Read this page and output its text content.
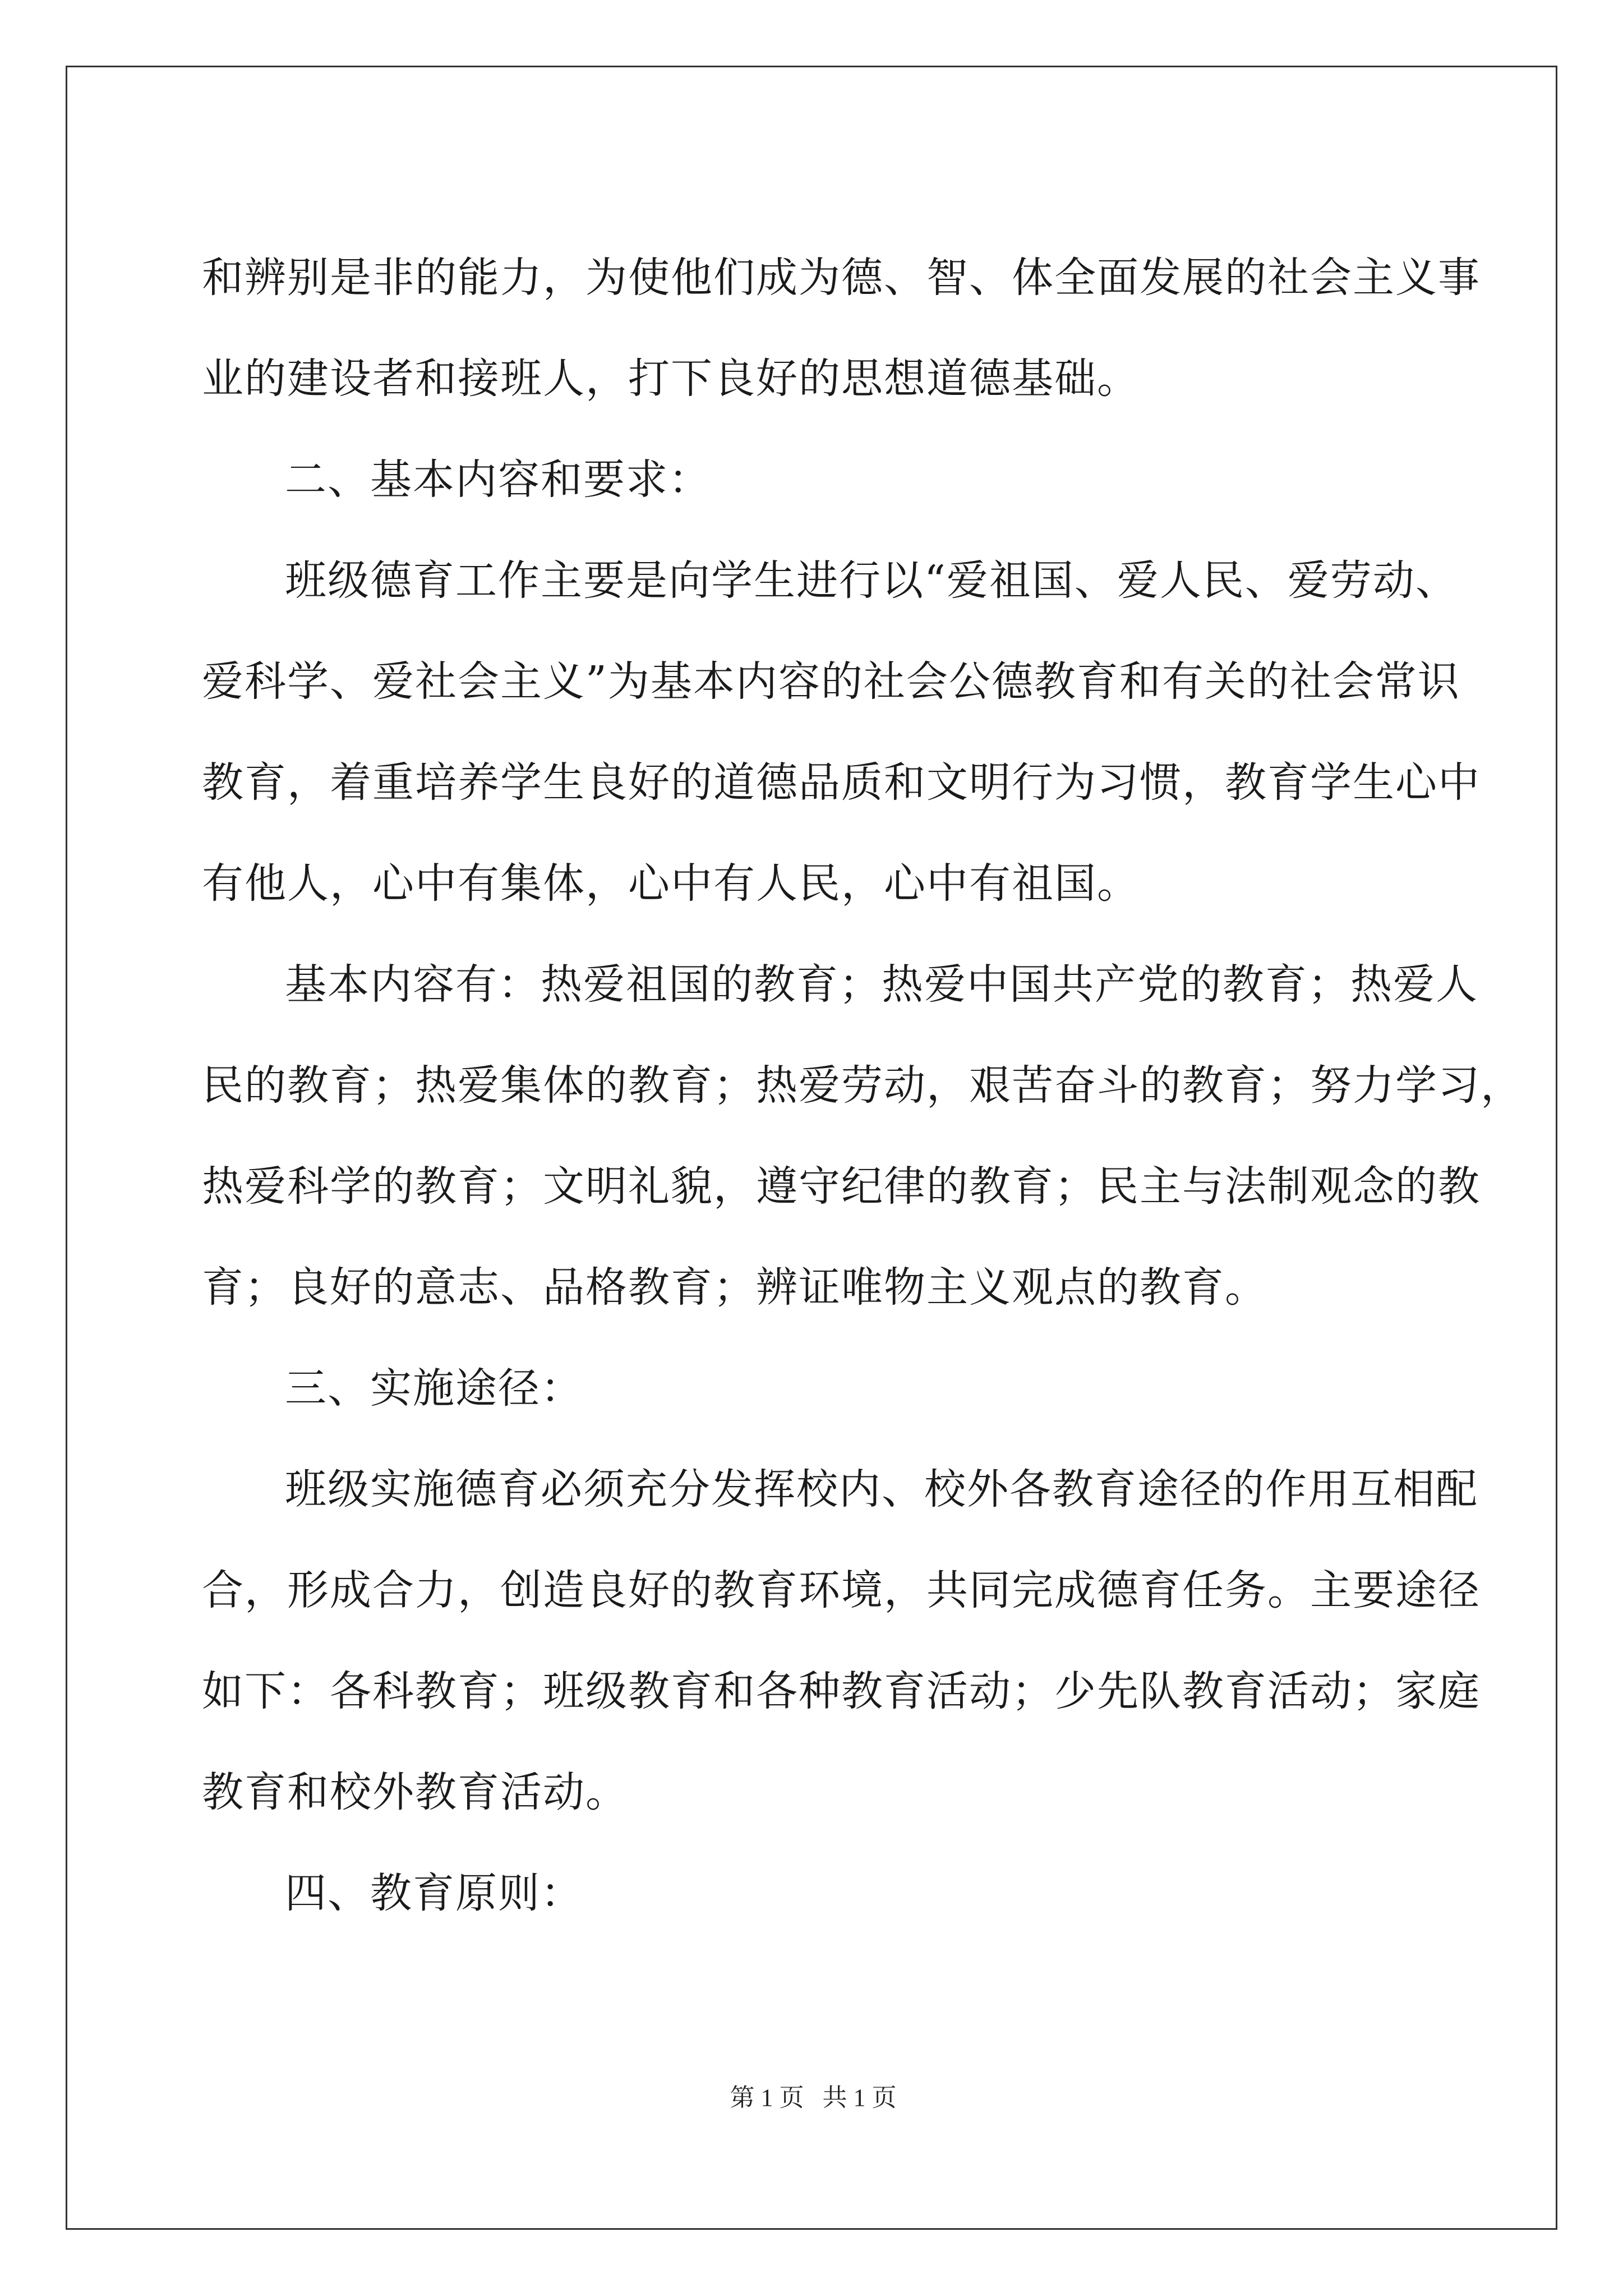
和辨别是非的能力，为使他们成为德、智、体全面发展的社会主义事
业的建设者和接班人，打下良好的思想道德基础。
二、基本内容和要求：
班级德育工作主要是向学生进行以“爱祖国、爱人民、爱劳动、
爱科学、爱社会主义”为基本内容的社会公德教育和有关的社会常识
教育，着重培养学生良好的道德品质和文明行为习惯，教育学生心中
有他人，心中有集体，心中有人民，心中有祖国。
基本内容有：热爱祖国的教育；热爱中国共产党的教育；热爱人
民的教育；热爱集体的教育；热爱劳动，艰苦奋斗的教育；努力学习，
热爱科学的教育；文明礼貌，遵守纪律的教育；民主与法制观念的教
育；良好的意志、品格教育；辨证唯物主义观点的教育。
三、实施途径：
班级实施德育必须充分发挥校内、校外各教育途径的作用互相配
合，形成合力，创造良好的教育环境，共同完成德育任务。主要途径
如下：各科教育；班级教育和各种教育活动；少先队教育活动；家庭
教育和校外教育活动。
四、教育原则：
第 1 页   共 1 页
